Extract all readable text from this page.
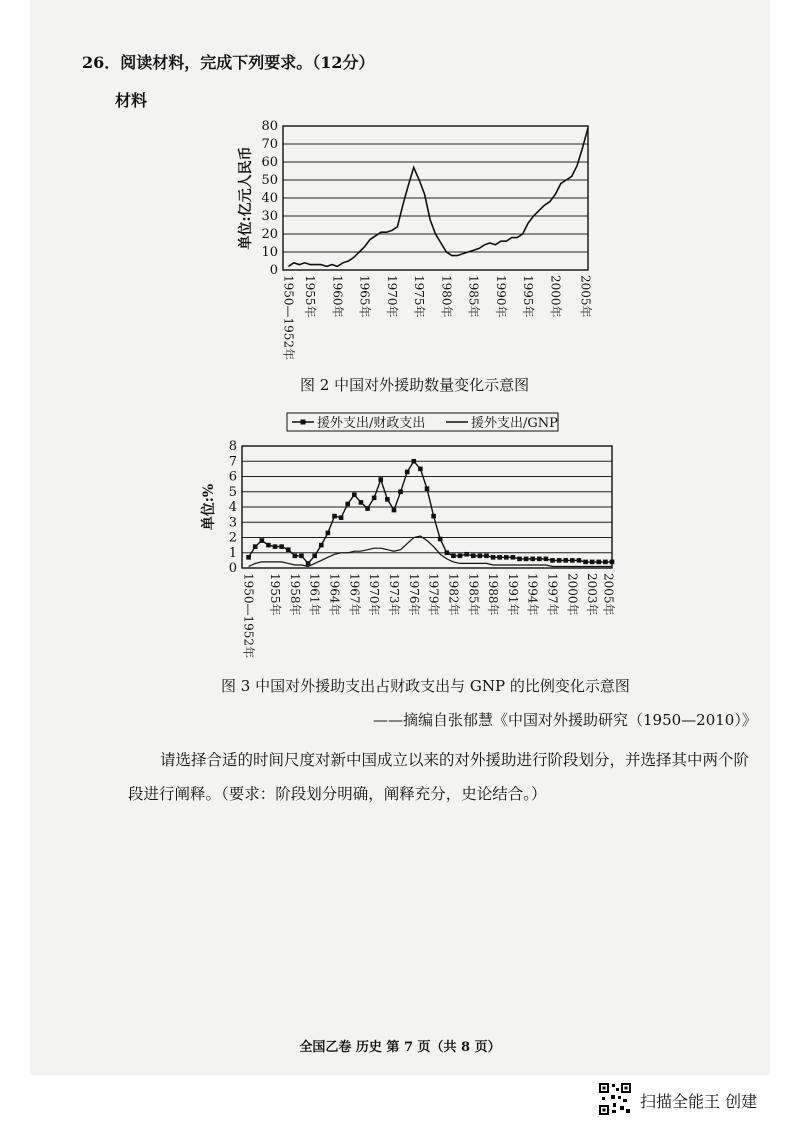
26．阅读材料，完成下列要求。（12分）
材料
0
10
20
30
40
50
60
70
80
单位:亿元人民币
1950—1952年 1955年 1960年 1965年 1970年 1975年 1980年 1985年 1990年 1995年 2000年 2005年
图 2 中国对外援助数量变化示意图
0
1
2
3
4
5
6
7
8
单位:%
1950—1952年 1955年 1958年 1961年 1964年 1967年 1970年 1973年 1976年 1979年 1982年 1985年 1988年 1991年 1994年 1997年 2000年 2003年 2005年
援外支出/财政支出	援外支出/GNP
图 3 中国对外援助支出占财政支出与 GNP 的比例变化示意图
——摘编自张郁慧《中国对外援助研究（1950—2010）》
请选择合适的时间尺度对新中国成立以来的对外援助进行阶段划分，并选择其中两个阶段进行阐释。（要求：阶段划分明确，阐释充分，史论结合。）
全国乙卷 历史 第 7 页（共 8 页）
扫描全能王 创建
